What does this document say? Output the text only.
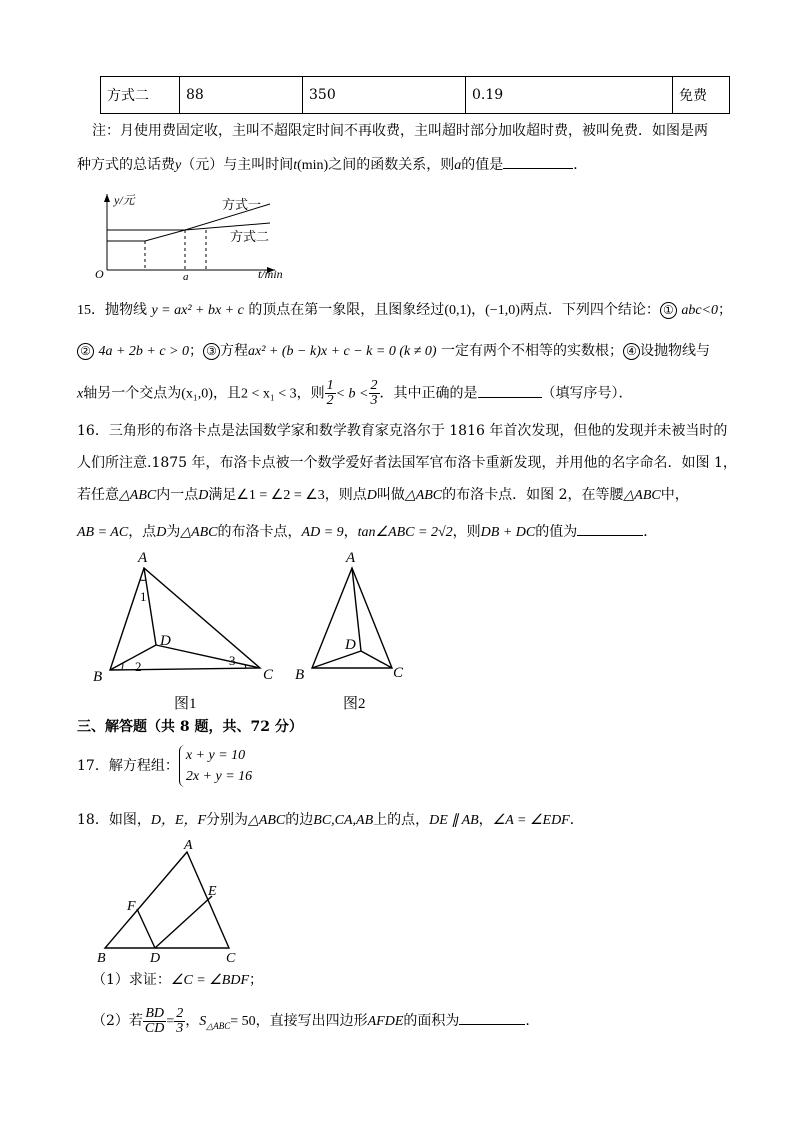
方式二	88	350	0.19	免费
注：月使用费固定收，主叫不超限定时间不再收费，主叫超时部分加收超时费，被叫免费．如图是两
种方式的总话费y（元）与主叫时间t(min)之间的函数关系，则a的值是	．
y/元
t/min
O	a
方式一
方式二
15．抛物线 y = ax² + bx + c 的顶点在第一象限，且图象经过(0,1)，(−1,0)两点．下列四个结论： ① abc<0；
② 4a + 2b + c > 0； ③ 方程ax² + (b − k)x + c − k = 0 (k ≠ 0) 一定有两个不相等的实数根； ④ 设抛物线与
x轴另一个交点为(x₁,0)，且2 < x₁ < 3，则 $\frac{1}{2} < b < \frac{2}{3}$ ．其中正确的是	（填写序号）．
16．三角形的布洛卡点是法国数学家和数学教育家克洛尔于 1816 年首次发现，但他的发现并未被当时的
人们所注意.1875 年，布洛卡点被一个数学爱好者法国军官布洛卡重新发现，并用他的名字命名．如图 1，
若任意△ABC内一点D满足∠1 = ∠2 = ∠3，则点D叫做△ABC的布洛卡点．如图 2，在等腰△ABC中，
AB = AC，点D为△ABC的布洛卡点，AD = 9，tan∠ABC = 2√2，则DB + DC的值为	．
A
B	C
D
1
2	3
图1
A
B	C
D
图2
三、解答题（共 8 题，共、72 分）
17．解方程组：
x + y = 10
2x + y = 16
18．如图，D，E，F分别为△ABC的边BC,CA,AB上的点，DE ∥ AB，∠A = ∠EDF．
A
B	C
D
E
F
（1）求证：∠C = ∠BDF；
（2）若 $\frac{BD}{CD} = \frac{2}{3}$ ，$S_{\triangle ABC}= 50$，直接写出四边形AFDE的面积为	.
